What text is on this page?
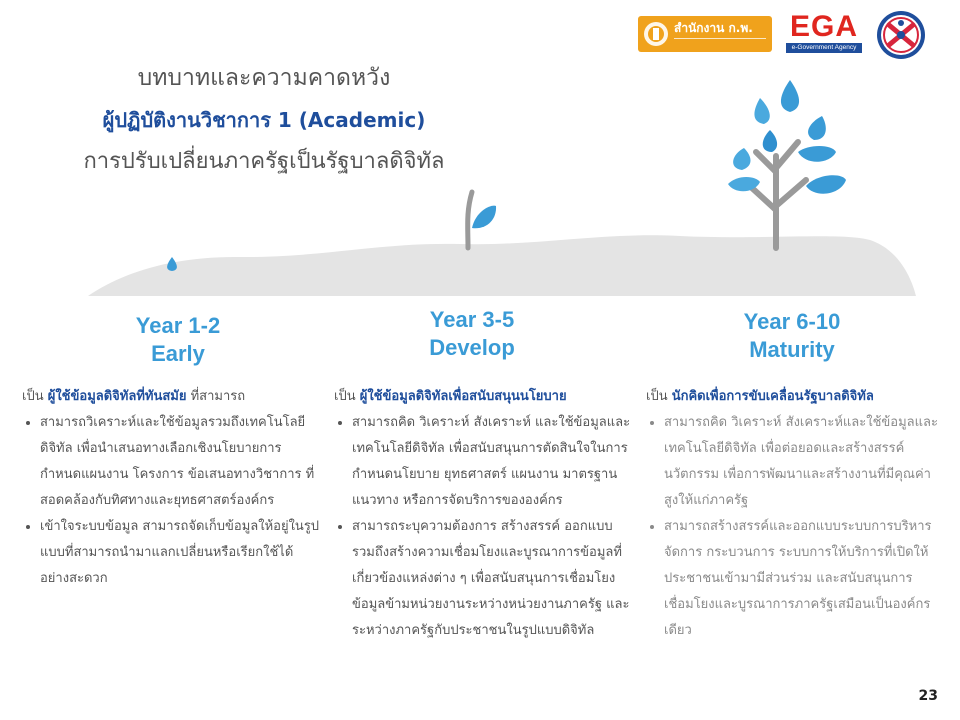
สำนักงาน ก.พ. EGA
e-Government Agency
บทบาทและความคาดหวัง
ผู้ปฏิบัติงานวิชาการ 1 (Academic)
การปรับเปลี่ยนภาครัฐเป็นรัฐบาลดิจิทัล
Year 1-2
Early
Year 3-5
Develop
Year 6-10
Maturity
เป็น ผู้ใช้ข้อมูลดิจิทัลที่ทันสมัย ที่สามารถ
• สามารถวิเคราะห์และใช้ข้อมูลรวมถึงเทคโนโลยีดิจิทัล เพื่อนำเสนอทางเลือกเชิงนโยบายการกำหนดแผนงาน โครงการ ข้อเสนอทางวิชาการ ที่สอดคล้องกับทิศทางและยุทธศาสตร์องค์กร
• เข้าใจระบบข้อมูล สามารถจัดเก็บข้อมูลให้อยู่ในรูปแบบที่สามารถนำมาแลกเปลี่ยนหรือเรียกใช้ได้อย่างสะดวก
เป็น ผู้ใช้ข้อมูลดิจิทัลเพื่อสนับสนุนนโยบาย
• สามารถคิด วิเคราะห์ สังเคราะห์ และใช้ข้อมูลและเทคโนโลยีดิจิทัล เพื่อสนับสนุนการตัดสินใจในการกำหนดนโยบาย ยุทธศาสตร์ แผนงาน มาตรฐานแนวทาง หรือการจัดบริการขององค์กร
• สามารถระบุความต้องการ สร้างสรรค์ ออกแบบรวมถึงสร้างความเชื่อมโยงและบูรณาการข้อมูลที่เกี่ยวข้องแหล่งต่าง ๆ เพื่อสนับสนุนการเชื่อมโยงข้อมูลข้ามหน่วยงานระหว่างหน่วยงานภาครัฐ และระหว่างภาครัฐกับประชาชนในรูปแบบดิจิทัล
เป็น นักคิดเพื่อการขับเคลื่อนรัฐบาลดิจิทัล
• สามารถคิด วิเคราะห์ สังเคราะห์และใช้ข้อมูลและเทคโนโลยีดิจิทัล เพื่อต่อยอดและสร้างสรรค์นวัตกรรม เพื่อการพัฒนาและสร้างงานที่มีคุณค่าสูงให้แก่ภาครัฐ
• สามารถสร้างสรรค์และออกแบบระบบการบริหารจัดการ กระบวนการ ระบบการให้บริการที่เปิดให้ประชาชนเข้ามามีส่วนร่วม และสนับสนุนการเชื่อมโยงและบูรณาการภาครัฐเสมือนเป็นองค์กรเดียว
23
